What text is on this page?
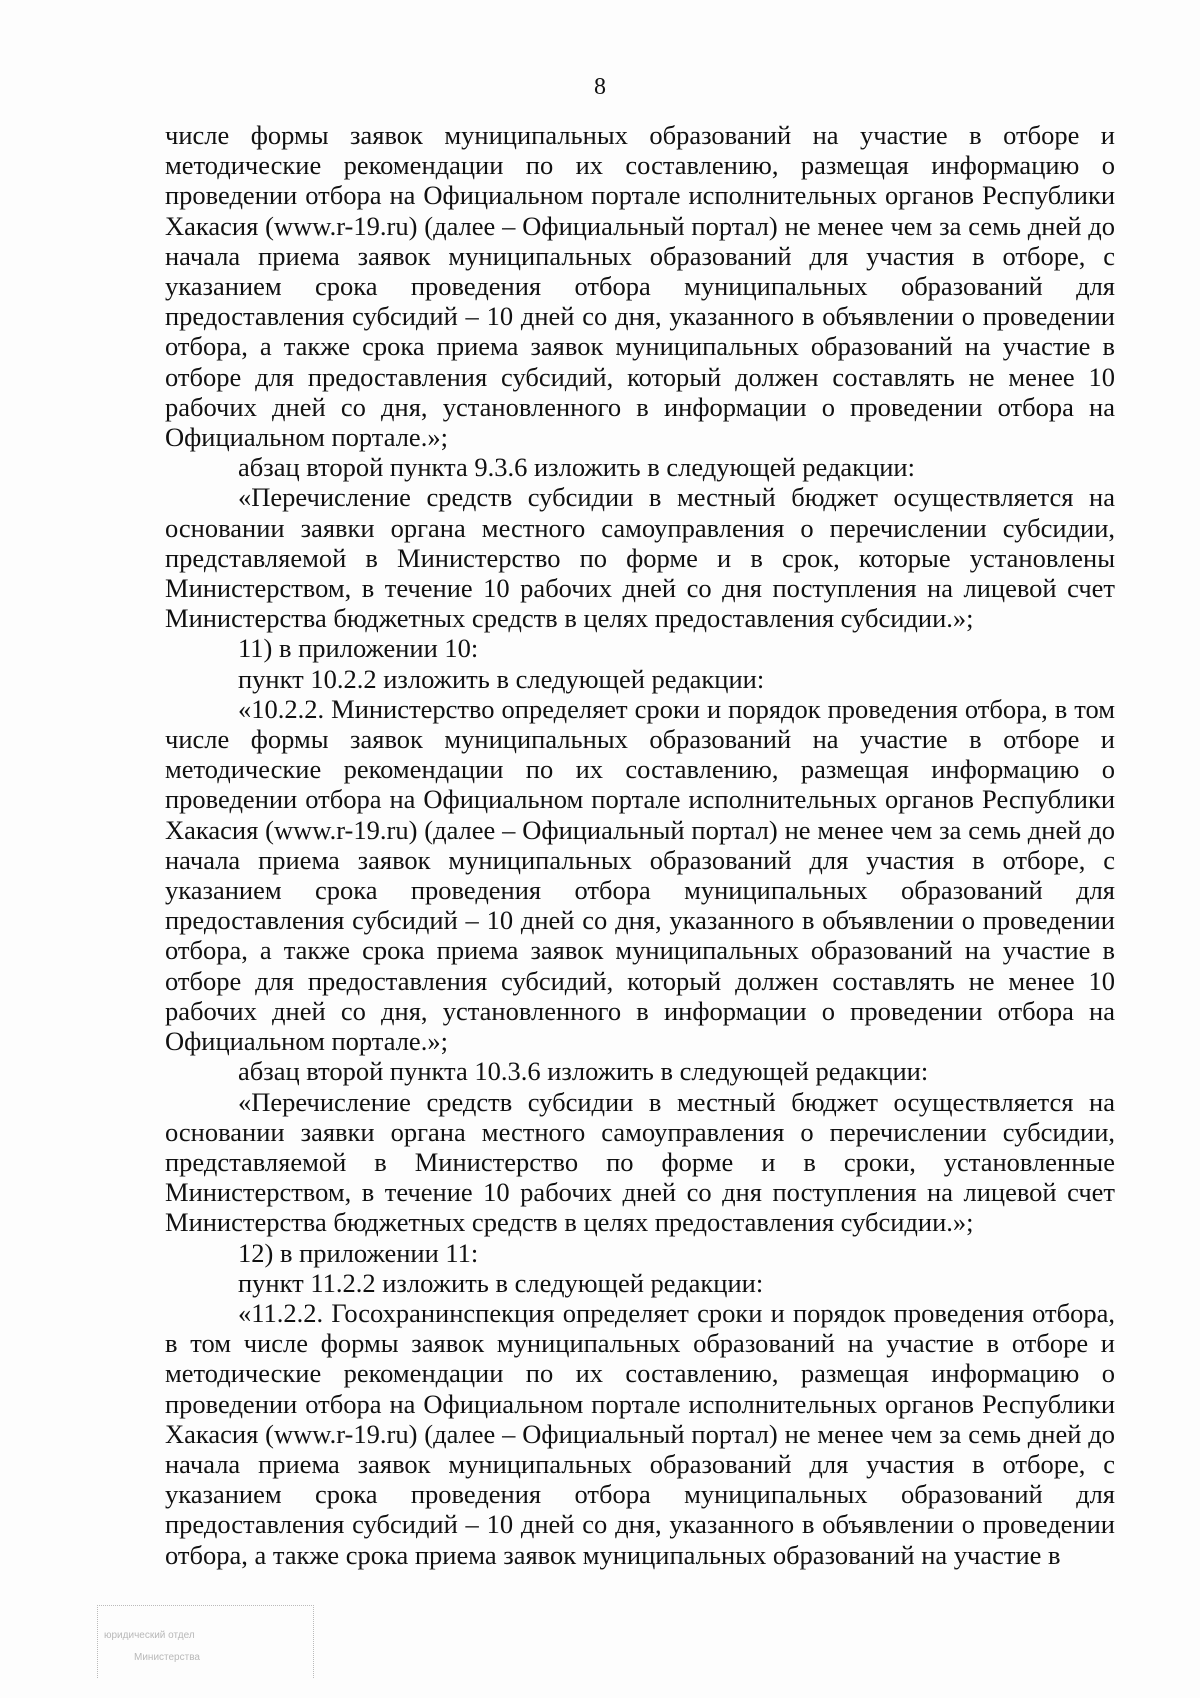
8

числе формы заявок муниципальных образований на участие в отборе и методические рекомендации по их составлению, размещая информацию о проведении отбора на Официальном портале исполнительных органов Республики Хакасия (www.r-19.ru) (далее – Официальный портал) не менее чем за семь дней до начала приема заявок муниципальных образований для участия в отборе, с указанием срока проведения отбора муниципальных образований для предоставления субсидий – 10 дней со дня, указанного в объявлении о проведении отбора, а также срока приема заявок муниципальных образований на участие в отборе для предоставления субсидий, который должен составлять не менее 10 рабочих дней со дня, установленного в информации о проведении отбора на Официальном портале.»;

абзац второй пункта 9.3.6 изложить в следующей редакции:

«Перечисление средств субсидии в местный бюджет осуществляется на основании заявки органа местного самоуправления о перечислении субсидии, представляемой в Министерство по форме и в срок, которые установлены Министерством, в течение 10 рабочих дней со дня поступления на лицевой счет Министерства бюджетных средств в целях предоставления субсидии.»;

11) в приложении 10:

пункт 10.2.2 изложить в следующей редакции:

«10.2.2. Министерство определяет сроки и порядок проведения отбора, в том числе формы заявок муниципальных образований на участие в отборе и методические рекомендации по их составлению, размещая информацию о проведении отбора на Официальном портале исполнительных органов Республики Хакасия (www.r-19.ru) (далее – Официальный портал) не менее чем за семь дней до начала приема заявок муниципальных образований для участия в отборе, с указанием срока проведения отбора муниципальных образований для предоставления субсидий – 10 дней со дня, указанного в объявлении о проведении отбора, а также срока приема заявок муниципальных образований на участие в отборе для предоставления субсидий, который должен составлять не менее 10 рабочих дней со дня, установленного в информации о проведении отбора на Официальном портале.»;

абзац второй пункта 10.3.6 изложить в следующей редакции:

«Перечисление средств субсидии в местный бюджет осуществляется на основании заявки органа местного самоуправления о перечислении субсидии, представляемой в Министерство по форме и в сроки, установленные Министерством, в течение 10 рабочих дней со дня поступления на лицевой счет Министерства бюджетных средств в целях предоставления субсидии.»;

12) в приложении 11:

пункт 11.2.2 изложить в следующей редакции:

«11.2.2. Госохранинспекция определяет сроки и порядок проведения отбора, в том числе формы заявок муниципальных образований на участие в отборе и методические рекомендации по их составлению, размещая информацию о проведении отбора на Официальном портале исполнительных органов Республики Хакасия (www.r-19.ru) (далее – Официальный портал) не менее чем за семь дней до начала приема заявок муниципальных образований для участия в отборе, с указанием срока проведения отбора муниципальных образований для предоставления субсидий – 10 дней со дня, указанного в объявлении о проведении отбора, а также срока приема заявок муниципальных образований на участие в

юридический отдел
Министерства
